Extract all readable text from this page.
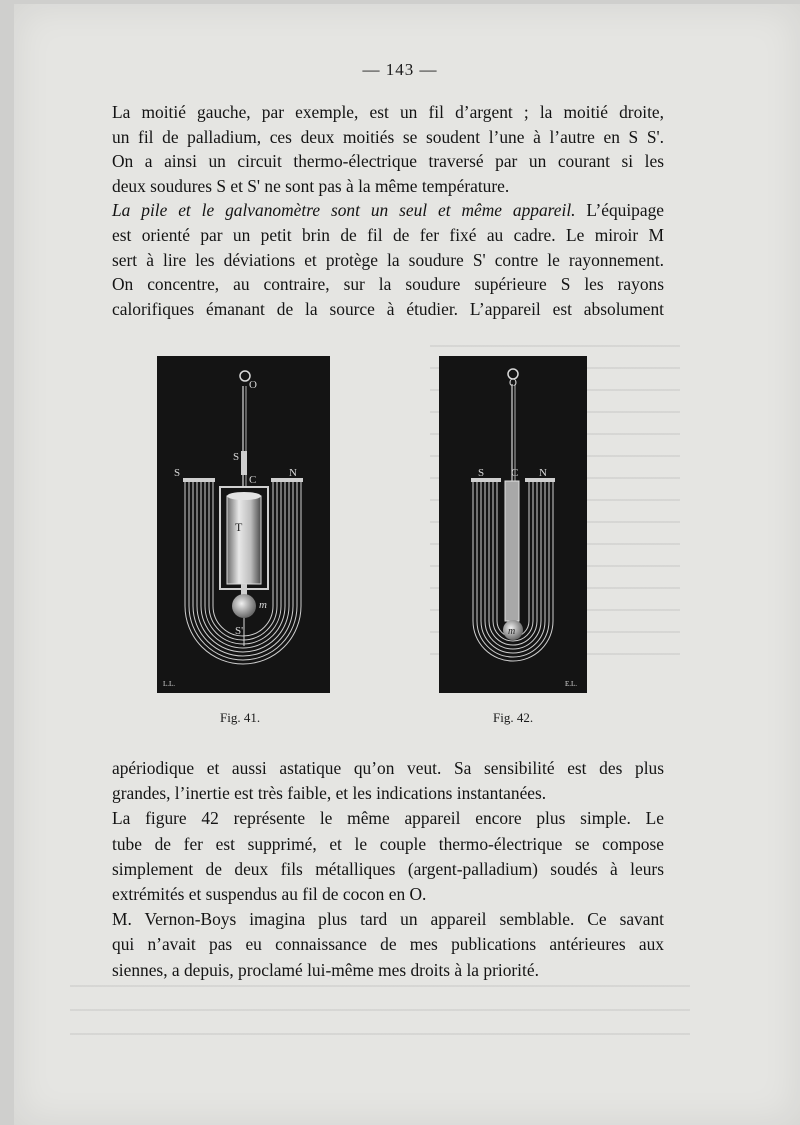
— 143 —
La moitié gauche, par exemple, est un fil d’argent ; la moitié droite,
un fil de palladium, ces deux moitiés se soudent l’une à l’autre en S S'.
On a ainsi un circuit thermo-électrique traversé par un courant si les
deux soudures S et S' ne sont pas à la même température.
La pile et le galvanomètre sont un seul et même appareil. L’équipage
est orienté par un petit brin de fil de fer fixé au cadre. Le miroir M
sert à lire les déviations et protège la soudure S' contre le rayonnement.
On concentre, au contraire, sur la soudure supérieure S les rayons
calorifiques émanant de la source à étudier. L’appareil est absolument
O
S
S
C
N
T
m
S'
L.L.
O
S C N
m
E.L.
Fig. 41.	Fig. 42.
apériodique et aussi astatique qu’on veut. Sa sensibilité est des plus
grandes, l’inertie est très faible, et les indications instantanées.
La figure 42 représente le même appareil encore plus simple. Le
tube de fer est supprimé, et le couple thermo-électrique se compose
simplement de deux fils métalliques (argent-palladium) soudés à leurs
extrémités et suspendus au fil de cocon en O.
M. Vernon-Boys imagina plus tard un appareil semblable. Ce savant
qui n’avait pas eu connaissance de mes publications antérieures aux
siennes, a depuis, proclamé lui-même mes droits à la priorité.
